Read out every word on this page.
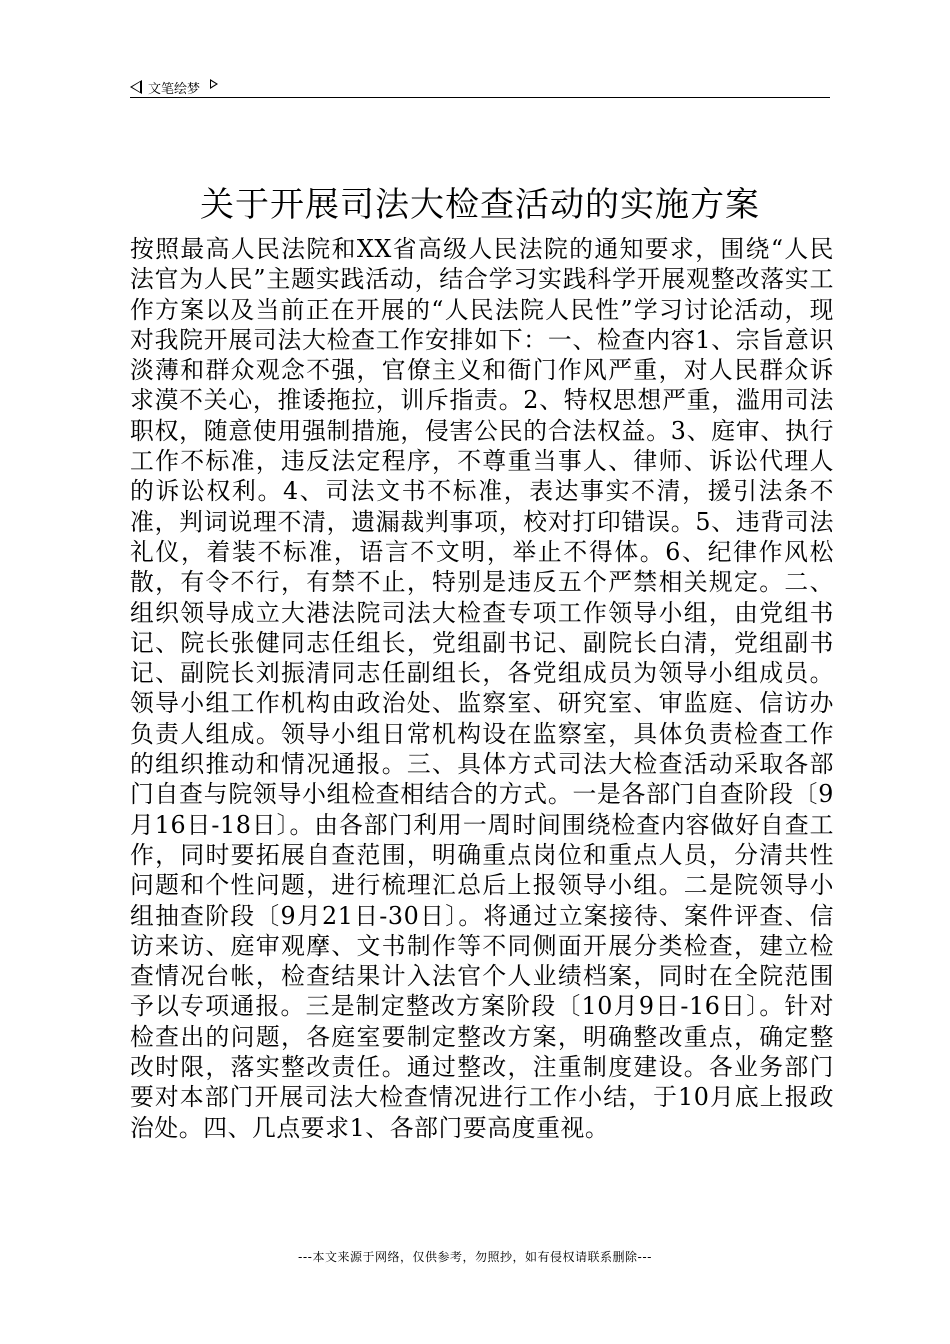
文笔绘梦
关于开展司法大检查活动的实施方案
按照最高人民法院和XX省高级人民法院的通知要求，围绕“人民法官为人民”主题实践活动，结合学习实践科学开展观整改落实工作方案以及当前正在开展的“人民法院人民性”学习讨论活动，现对我院开展司法大检查工作安排如下：一、检查内容1、宗旨意识淡薄和群众观念不强，官僚主义和衙门作风严重，对人民群众诉求漠不关心，推诿拖拉，训斥指责。2、特权思想严重，滥用司法职权，随意使用强制措施，侵害公民的合法权益。3、庭审、执行工作不标准，违反法定程序，不尊重当事人、律师、诉讼代理人的诉讼权利。4、司法文书不标准，表达事实不清，援引法条不准，判词说理不清，遗漏裁判事项，校对打印错误。5、违背司法礼仪，着装不标准，语言不文明，举止不得体。6、纪律作风松散，有令不行，有禁不止，特别是违反五个严禁相关规定。二、组织领导成立大港法院司法大检查专项工作领导小组，由党组书记、院长张健同志任组长，党组副书记、副院长白清，党组副书记、副院长刘振清同志任副组长，各党组成员为领导小组成员。领导小组工作机构由政治处、监察室、研究室、审监庭、信访办负责人组成。领导小组日常机构设在监察室，具体负责检查工作的组织推动和情况通报。三、具体方式司法大检查活动采取各部门自查与院领导小组检查相结合的方式。一是各部门自查阶段〔9月16日-18日〕。由各部门利用一周时间围绕检查内容做好自查工作，同时要拓展自查范围，明确重点岗位和重点人员，分清共性问题和个性问题，进行梳理汇总后上报领导小组。二是院领导小组抽查阶段〔9月21日-30日〕。将通过立案接待、案件评查、信访来访、庭审观摩、文书制作等不同侧面开展分类检查，建立检查情况台帐，检查结果计入法官个人业绩档案，同时在全院范围予以专项通报。三是制定整改方案阶段〔10月9日-16日〕。针对检查出的问题，各庭室要制定整改方案，明确整改重点，确定整改时限，落实整改责任。通过整改，注重制度建设。各业务部门要对本部门开展司法大检查情况进行工作小结，于10月底上报政治处。四、几点要求1、各部门要高度重视。
---本文来源于网络，仅供参考，勿照抄，如有侵权请联系删除---
